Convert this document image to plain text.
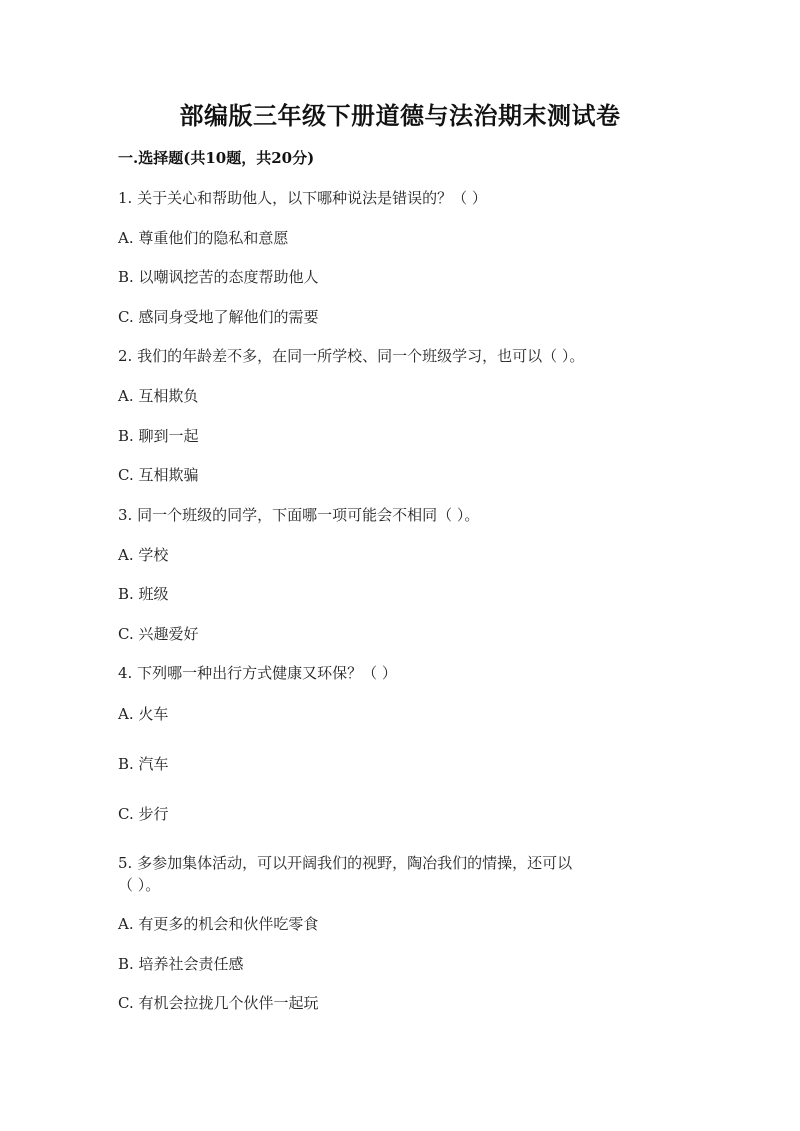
部编版三年级下册道德与法治期末测试卷
一.选择题(共10题，共20分)
1. 关于关心和帮助他人，以下哪种说法是错误的？（ ）
A. 尊重他们的隐私和意愿
B. 以嘲讽挖苦的态度帮助他人
C. 感同身受地了解他们的需要
2. 我们的年龄差不多，在同一所学校、同一个班级学习，也可以（ ）。
A. 互相欺负
B. 聊到一起
C. 互相欺骗
3. 同一个班级的同学，下面哪一项可能会不相同（ ）。
A. 学校
B. 班级
C. 兴趣爱好
4. 下列哪一种出行方式健康又环保？（ ）
A. 火车
B. 汽车
C. 步行
5. 多参加集体活动，可以开阔我们的视野，陶冶我们的情操，还可以
（ ）。
A. 有更多的机会和伙伴吃零食
B. 培养社会责任感
C. 有机会拉拢几个伙伴一起玩
